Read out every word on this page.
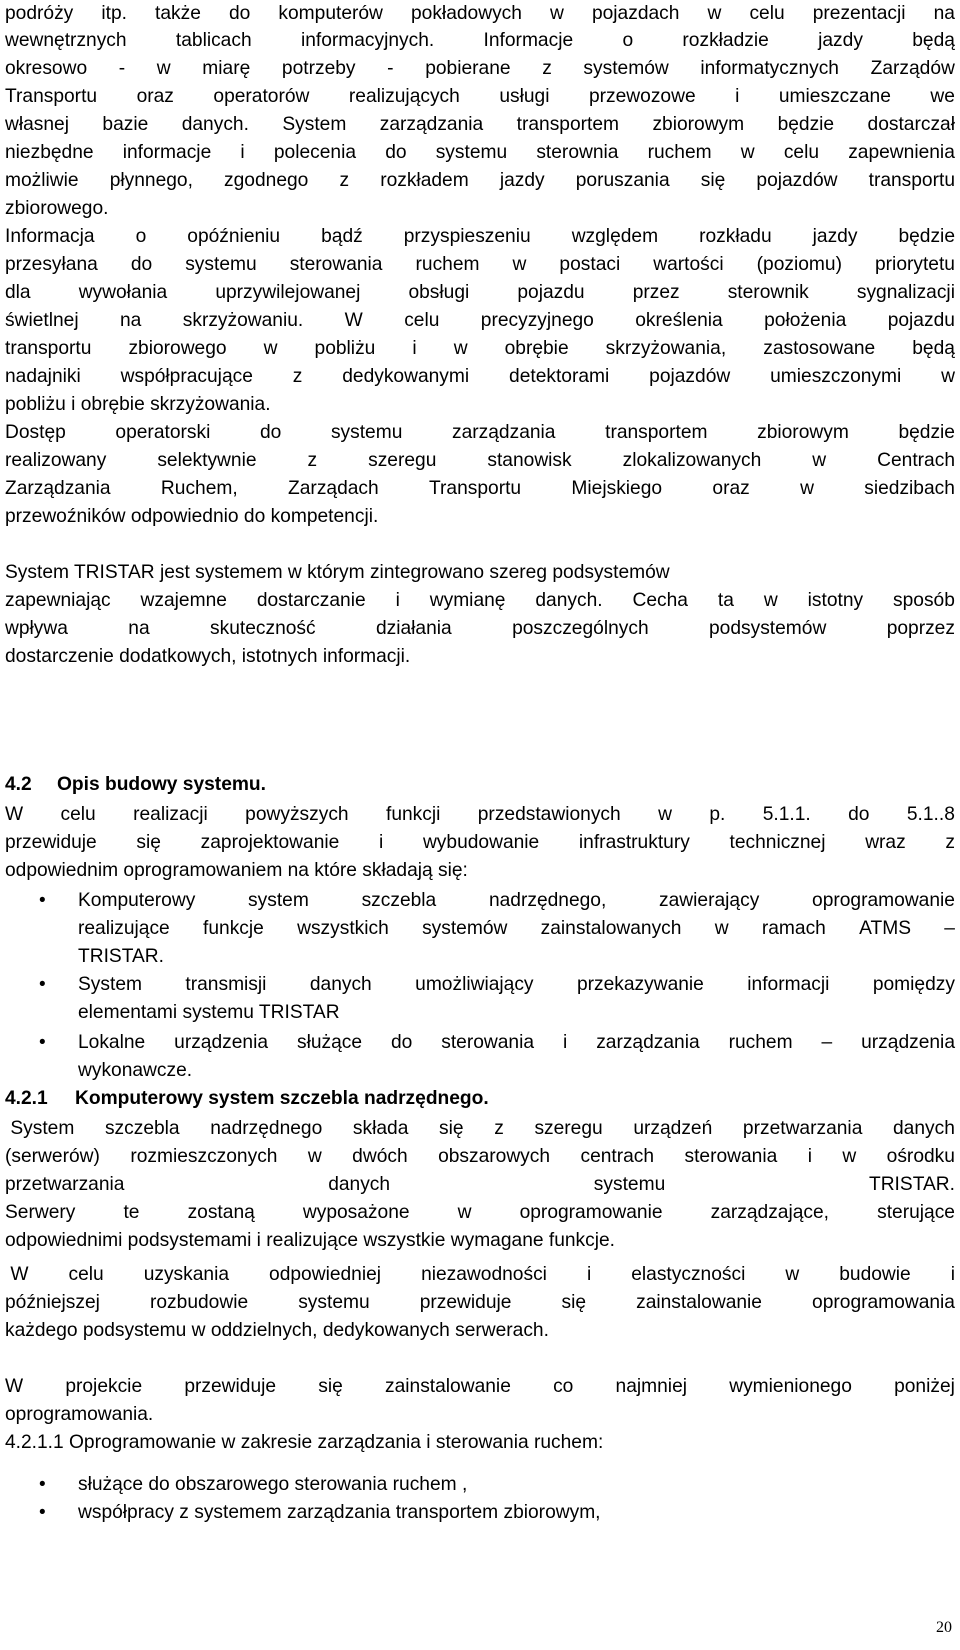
podróży itp. także do komputerów pokładowych w pojazdach w celu prezentacji na
wewnętrznych	tablicach	informacyjnych.	Informacje	o	rozkładzie	jazdy	będą
okresowo - w miarę potrzeby - pobierane z systemów informatycznych Zarządów
Transportu oraz operatorów realizujących usługi przewozowe i umieszczane we
własnej bazie danych. System zarządzania transportem zbiorowym będzie dostarczał
niezbędne informacje i polecenia do systemu sterownia ruchem w celu zapewnienia
możliwie płynnego, zgodnego z rozkładem jazdy poruszania się pojazdów transportu
zbiorowego.
Informacja o opóźnieniu bądź przyspieszeniu względem rozkładu jazdy będzie
przesyłana do systemu sterowania ruchem w postaci wartości (poziomu) priorytetu
dla	wywołania	uprzywilejowanej	obsługi	pojazdu	przez	sterownik	sygnalizacji
świetlnej na skrzyżowaniu. W celu precyzyjnego określenia położenia pojazdu
transportu zbiorowego w pobliżu i w obrębie skrzyżowania, zastosowane będą
nadajniki współpracujące z dedykowanymi detektorami pojazdów umieszczonymi w
pobliżu i obrębie skrzyżowania.
Dostęp	operatorski	do	systemu	zarządzania	transportem	zbiorowym	będzie
realizowany	selektywnie	z	szeregu	stanowisk	zlokalizowanych	w	Centrach
Zarządzania	Ruchem,	Zarządach	Transportu	Miejskiego	oraz	w	siedzibach
przewoźników odpowiednio do kompetencji.
System TRISTAR jest systemem w którym zintegrowano szereg podsystemów
zapewniając wzajemne dostarczanie i wymianę danych. Cecha ta w istotny sposób
wpływa	na	skuteczność	działania	poszczególnych	podsystemów	poprzez
dostarczenie dodatkowych, istotnych informacji.
4.2 Opis budowy systemu.
W celu realizacji powyższych funkcji przedstawionych w p. 5.1.1. do 5.1..8
przewiduje się zaprojektowanie i wybudowanie infrastruktury technicznej wraz z
odpowiednim oprogramowaniem na które składają się:
• Komputerowy	system	szczebla	nadrzędnego,	zawierający	oprogramowanie
realizujące funkcje wszystkich systemów zainstalowanych w ramach ATMS –
TRISTAR.
• System transmisji danych umożliwiający przekazywanie informacji pomiędzy
elementami systemu TRISTAR
• Lokalne urządzenia służące do sterowania i zarządzania ruchem – urządzenia
wykonawcze.
4.2.1 Komputerowy system szczebla nadrzędnego.
System szczebla nadrzędnego składa się z szeregu urządzeń przetwarzania danych
(serwerów) rozmieszczonych w dwóch obszarowych centrach sterowania i w ośrodku
przetwarzania	danych	systemu	TRISTAR.
Serwery	te	zostaną	wyposażone	w	oprogramowanie	zarządzające,	sterujące
odpowiednimi podsystemami i realizujące wszystkie wymagane funkcje.
W celu uzyskania odpowiedniej niezawodności i elastyczności w budowie i
późniejszej	rozbudowie	systemu	przewiduje	się	zainstalowanie	oprogramowania
każdego podsystemu w oddzielnych, dedykowanych serwerach.
W projekcie przewiduje się zainstalowanie co najmniej wymienionego poniżej
oprogramowania.
4.2.1.1 Oprogramowanie w zakresie zarządzania i sterowania ruchem:
• służące do obszarowego sterowania ruchem ,
• współpracy z systemem zarządzania transportem zbiorowym,
20
